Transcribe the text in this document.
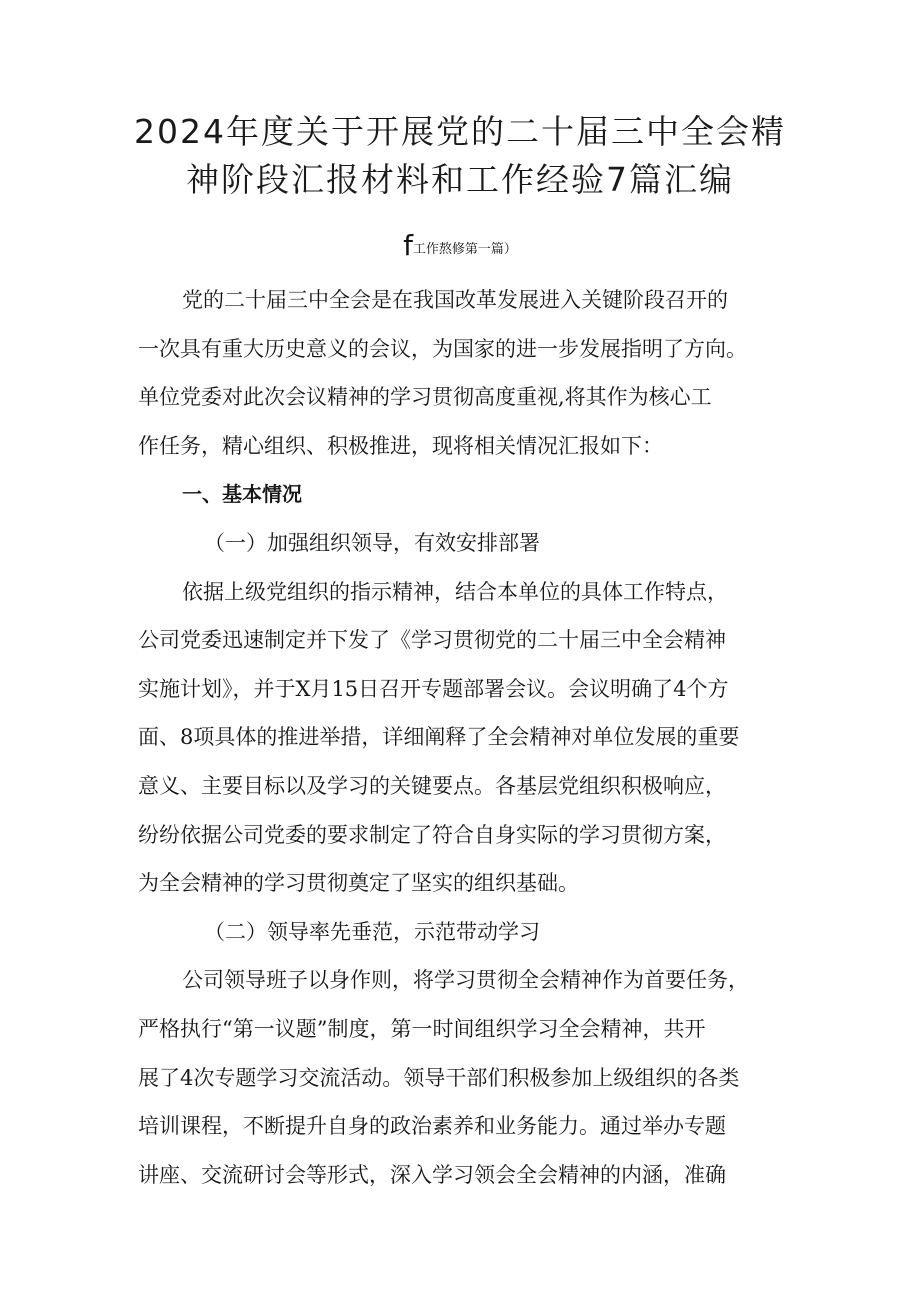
2024年度关于开展党的二十届三中全会精
神阶段汇报材料和工作经验7篇汇编
f工作熬修第一篇）
党的二十届三中全会是在我国改革发展进入关键阶段召开的
一次具有重大历史意义的会议，为国家的进一步发展指明了方向。
单位党委对此次会议精神的学习贯彻高度重视,将其作为核心工
作任务，精心组织、积极推进，现将相关情况汇报如下：
一、基本情况
（一）加强组织领导，有效安排部署
依据上级党组织的指示精神，结合本单位的具体工作特点，
公司党委迅速制定并下发了《学习贯彻党的二十届三中全会精神
实施计划》，并于X月15日召开专题部署会议。会议明确了4个方
面、8项具体的推进举措，详细阐释了全会精神对单位发展的重要
意义、主要目标以及学习的关键要点。各基层党组织积极响应，
纷纷依据公司党委的要求制定了符合自身实际的学习贯彻方案，
为全会精神的学习贯彻奠定了坚实的组织基础。
（二）领导率先垂范，示范带动学习
公司领导班子以身作则，将学习贯彻全会精神作为首要任务，
严格执行“第一议题”制度，第一时间组织学习全会精神，共开
展了4次专题学习交流活动。领导干部们积极参加上级组织的各类
培训课程，不断提升自身的政治素养和业务能力。通过举办专题
讲座、交流研讨会等形式，深入学习领会全会精神的内涵，准确
